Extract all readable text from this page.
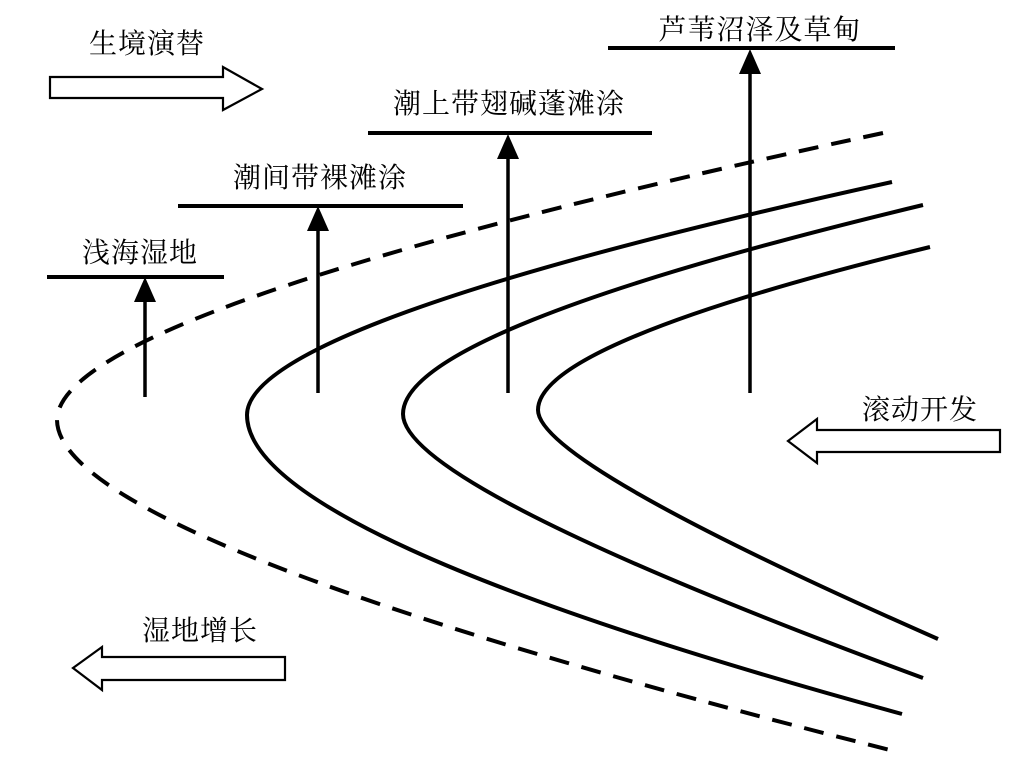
生境演替	芦苇沼泽及草甸
潮上带翅碱蓬滩涂
潮间带裸滩涂
浅海湿地
滚动开发
湿地增长
